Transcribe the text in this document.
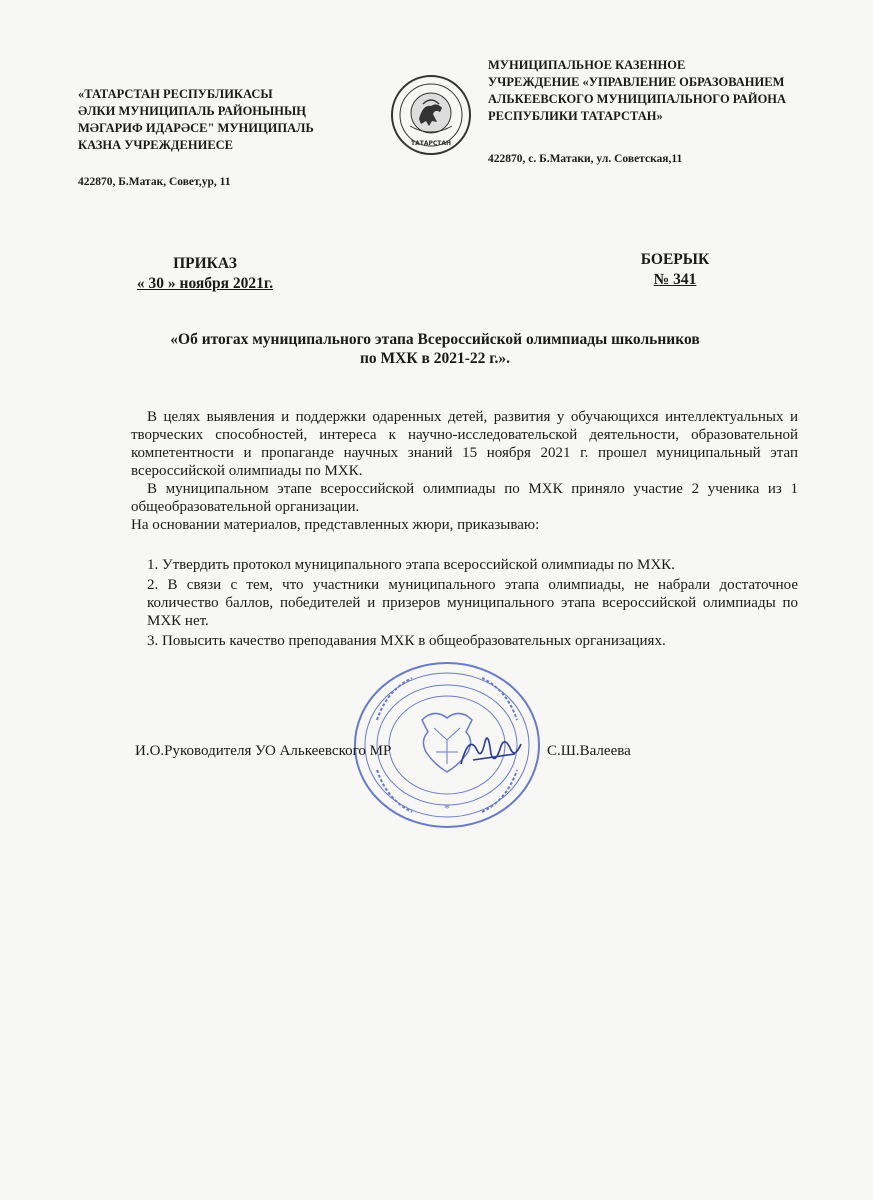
«ТАТАРСТАН РЕСПУБЛИКАСЫ
ӘЛКИ МУНИЦИПАЛЬ РАЙОНЫНЫҢ
МӘГАРИФ ИДАРӘСЕ" МУНИЦИПАЛЬ
КАЗНА УЧРЕЖДЕНИЕСЕ
422870, Б.Матак, Совет,ур, 11
ТАТАРСТАН
МУНИЦИПАЛЬНОЕ КАЗЕННОЕ
УЧРЕЖДЕНИЕ «УПРАВЛЕНИЕ ОБРАЗОВАНИЕМ
АЛЬКЕЕВСКОГО МУНИЦИПАЛЬНОГО РАЙОНА
РЕСПУБЛИКИ ТАТАРСТАН»
422870, с. Б.Матаки, ул. Советская,11
ПРИКАЗ
« 30 » ноября 2021г.
БОЕРЫК
№ 341
«Об итогах муниципального этапа Всероссийской олимпиады школьников
по МХК в 2021-22 г.».

В целях выявления и поддержки одаренных детей, развития у обучающихся интеллектуальных и творческих способностей, интереса к научно-исследовательской деятельности, образовательной компетентности и пропаганде научных знаний 15 ноября 2021 г. прошел муниципальный этап всероссийской олимпиады по МХК.

В муниципальном этапе всероссийской олимпиады по МХК приняло участие 2 ученика из 1 общеобразовательной организации.

На основании материалов, представленных жюри, приказываю:

1. Утвердить протокол муниципального этапа всероссийской олимпиады по МХК.
2. В связи с тем, что участники муниципального этапа олимпиады, не набрали достаточное количество баллов, победителей и призеров муниципального этапа всероссийской олимпиады по МХК нет.
3. Повысить качество преподавания МХК в общеобразовательных организациях.
*
И.О.Руководителя УО Алькеевского МР	С.Ш.Валеева
